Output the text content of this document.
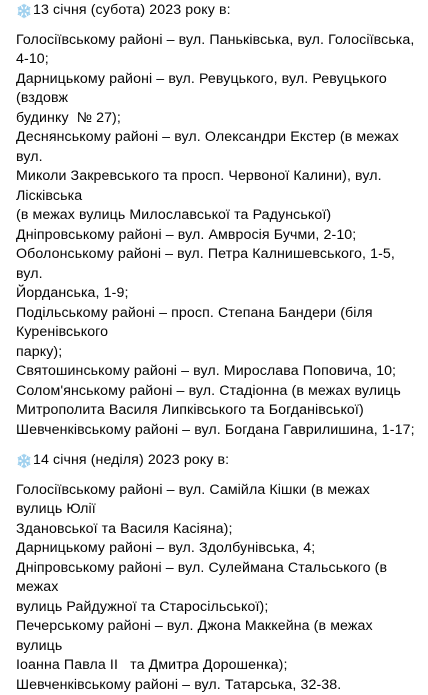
13 січня (субота) 2023 року в:
Голосіївському районі – вул. Паньківська, вул. Голосіївська, 4-10;
Дарницькому районі – вул. Ревуцького, вул. Ревуцького (вздовж
будинку  № 27);
Деснянському районі – вул. Олександри Екстер (в межах вул.
Миколи Закревського та просп. Червоної Калини), вул. Лісківська
(в межах вулиць Милославської та Радунської)
Дніпровському районі – вул. Амвросія Бучми, 2-10;
Оболонському районі – вул. Петра Калнишевського, 1-5, вул.
Йорданська, 1-9;
Подільському районі – просп. Степана Бандери (біля Куренівського
парку);
Святошинському районі – вул. Мирослава Поповича, 10;
Солом'янському районі – вул. Стадіонна (в межах вулиць
Митрополита Василя Липківського та Богданівської)
Шевченківському районі – вул. Богдана Гаврилишина, 1-17;
14 січня (неділя) 2023 року в:
Голосіївському районі – вул. Самійла Кішки (в межах вулиць Юлії
Здановської та Василя Касіяна);
Дарницькому районі – вул. Здолбунівська, 4;
Дніпровському районі – вул. Сулеймана Стальського (в межах
вулиць Райдужної та Старосільської);
Печерському районі – вул. Джона Маккейна (в межах вулиць
Іоанна Павла ІІ   та Дмитра Дорошенка);
Шевченківському районі – вул. Татарська, 32-38.
